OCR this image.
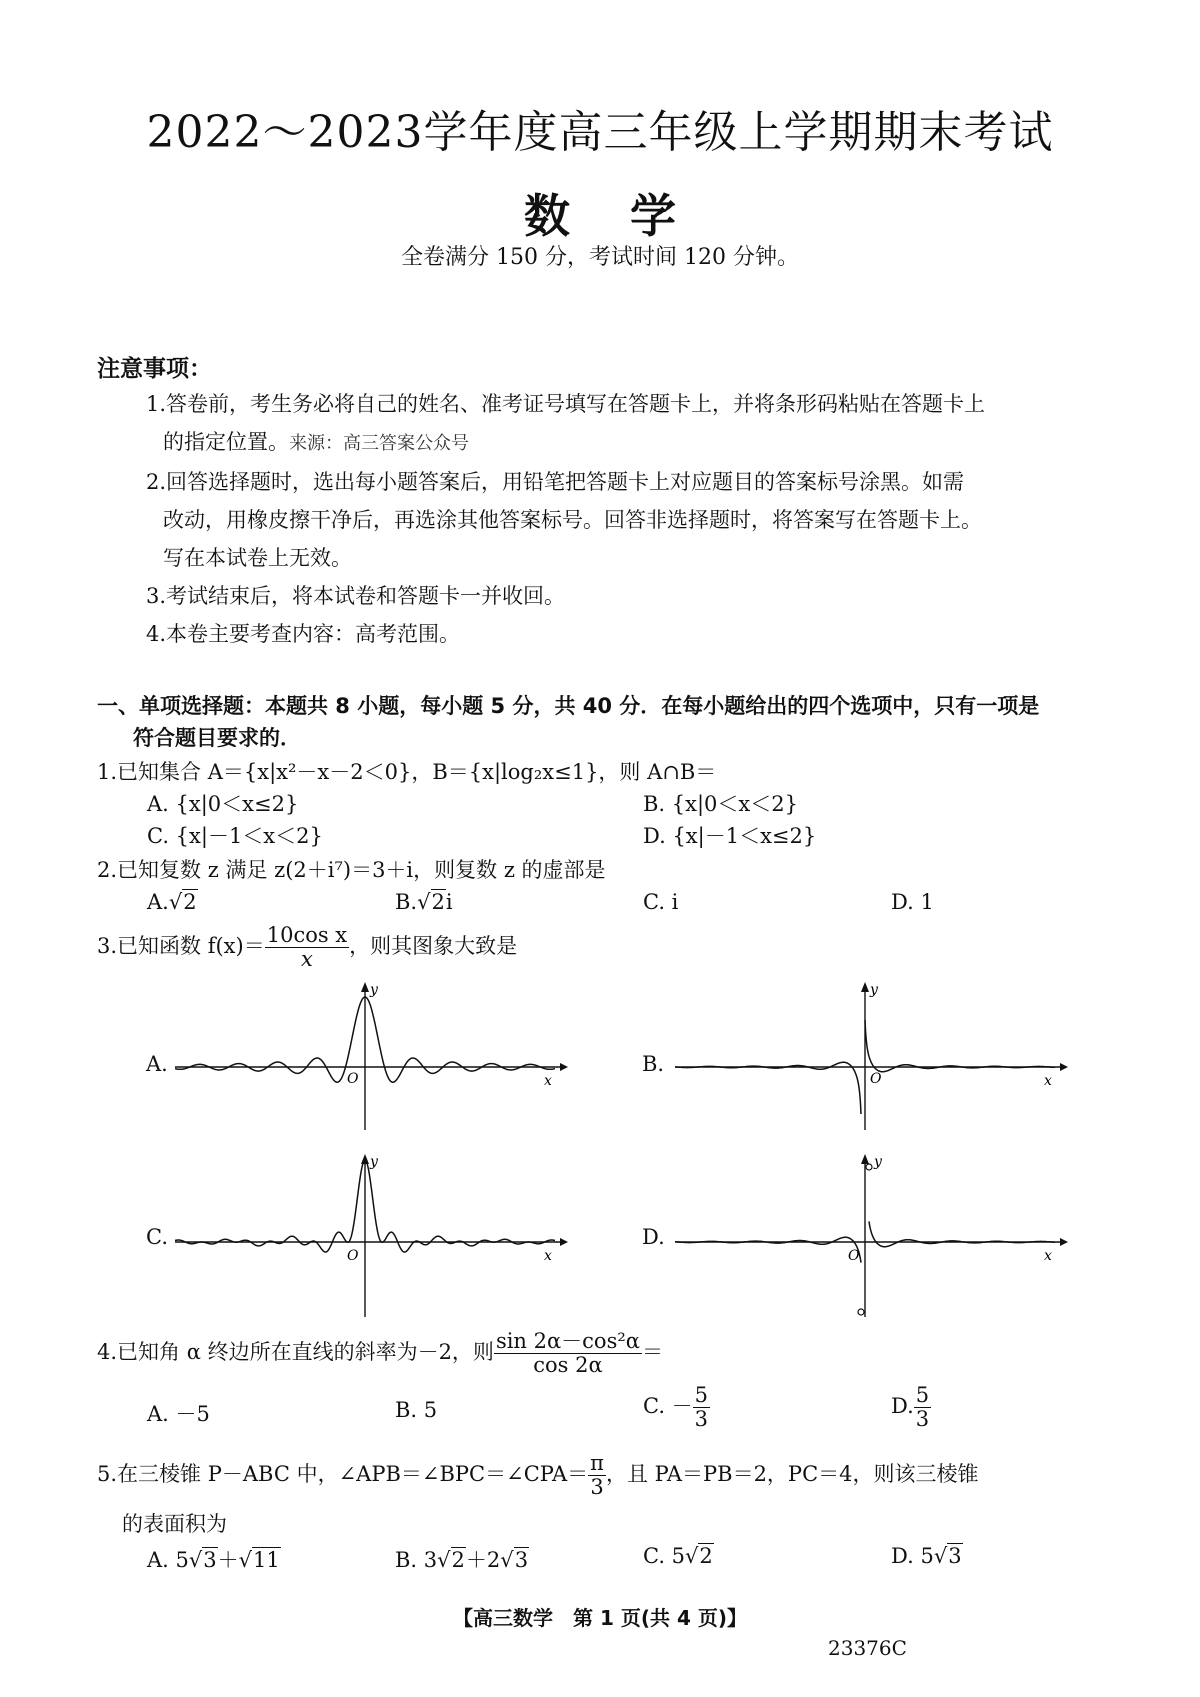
2022～2023学年度高三年级上学期期末考试
数学
全卷满分 150 分，考试时间 120 分钟。
注意事项：
1.答卷前，考生务必将自己的姓名、准考证号填写在答题卡上，并将条形码粘贴在答题卡上
的指定位置。来源：高三答案公众号
2.回答选择题时，选出每小题答案后，用铅笔把答题卡上对应题目的答案标号涂黑。如需
改动，用橡皮擦干净后，再选涂其他答案标号。回答非选择题时，将答案写在答题卡上。
写在本试卷上无效。
3.考试结束后，将本试卷和答题卡一并收回。
4.本卷主要考查内容：高考范围。
一、单项选择题：本题共 8 小题，每小题 5 分，共 40 分．在每小题给出的四个选项中，只有一项是
符合题目要求的．
1.已知集合 A＝{x|x²－x－2＜0}，B＝{x|log₂x≤1}，则 A∩B＝
A. {x|0＜x≤2}	B. {x|0＜x＜2}
C. {x|－1＜x＜2}	D. {x|－1＜x≤2}
2.已知复数 z 满足 z(2＋i⁷)＝3＋i，则复数 z 的虚部是
A.√2	B.√2i	C. i	D. 1
3.已知函数 $f(x)= \frac{\text{10cos x}}{x}$ ，则其图象大致是
A.	B.
C.	D.
y
x
O
y
x
O
y
x
O
y
x
O
4.已知角 α 终边所在直线的斜率为－2，则 $\frac{\text{sin 2α－cos²α}}{\cos 2\alpha}$ ＝
A. －5	B. 5	C. － $\frac{5}{3}$	D. $\frac{5}{3}$
5.在三棱锥 P－ABC 中，∠APB＝∠BPC＝∠CPA＝ $\frac{\pi}{3}$ ，且 PA＝PB＝2，PC＝4，则该三棱锥
的表面积为
A. 5√3＋√11	B. 3√2＋2√3	C. 5√2	D. 5√3
【高三数学　第 1 页(共 4 页)】
23376C
